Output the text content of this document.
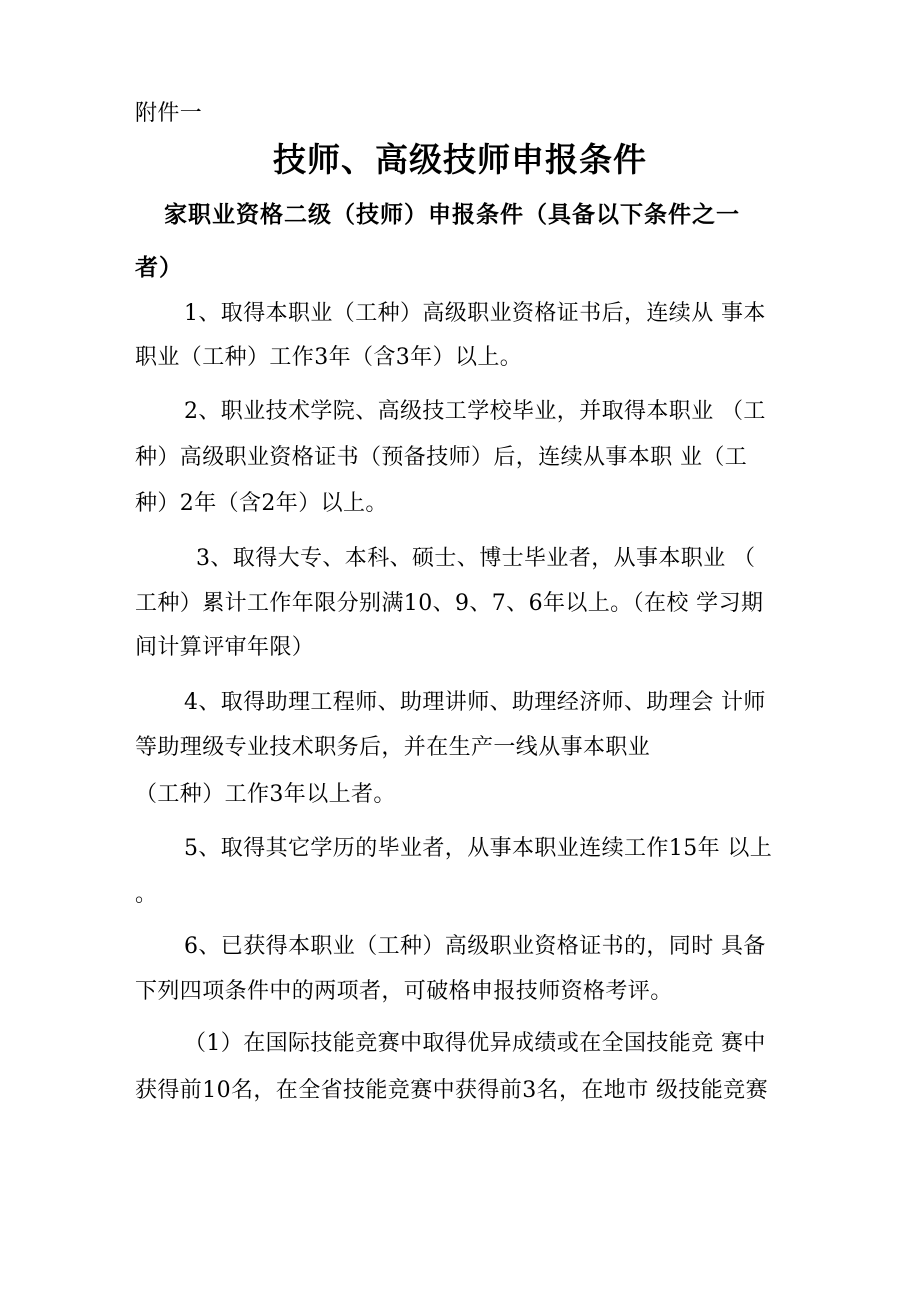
附件一
技师、高级技师申报条件
家职业资格二级（技师）申报条件（具备以下条件之一
者）
1、取得本职业（工种）高级职业资格证书后，连续从 事本
职业（工种）工作3年（含3年）以上。
2、职业技术学院、高级技工学校毕业，并取得本职业 （工
种）高级职业资格证书（预备技师）后，连续从事本职 业（工
种）2年（含2年）以上。
3、取得大专、本科、硕士、博士毕业者，从事本职业 （
工种）累计工作年限分别满10、9、7、6年以上。（在校 学习期
间计算评审年限）
4、取得助理工程师、助理讲师、助理经济师、助理会 计师
等助理级专业技术职务后，并在生产一线从事本职业
（工种）工作3年以上者。
5、取得其它学历的毕业者，从事本职业连续工作15年 以上
。
6、已获得本职业（工种）高级职业资格证书的，同时 具备
下列四项条件中的两项者，可破格申报技师资格考评。
（1）在国际技能竞赛中取得优异成绩或在全国技能竞 赛中
获得前10名，在全省技能竞赛中获得前3名，在地市 级技能竞赛
